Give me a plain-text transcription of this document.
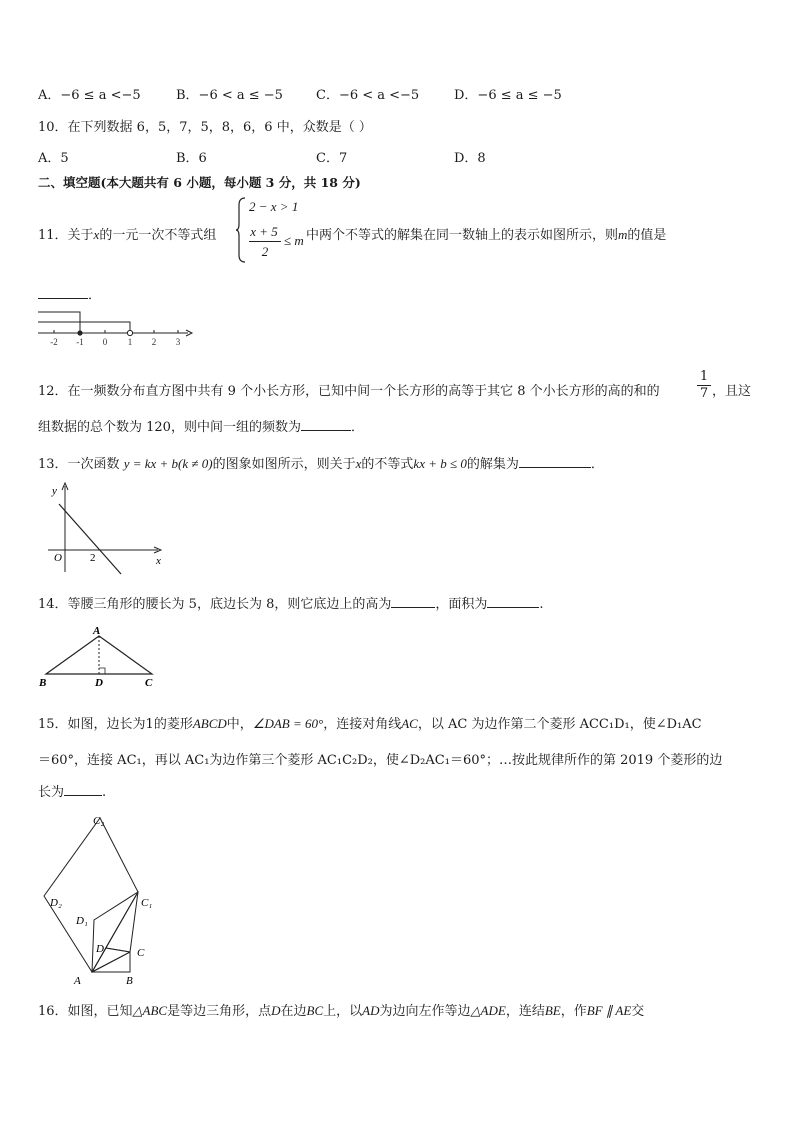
A．−6 ≤ a <−5	B．−6 < a ≤ −5	C．−6 < a <−5	D．−6 ≤ a ≤ −5
10．在下列数据 6，5，7，5，8，6，6 中，众数是（ ）
A．5	B．6	C．7	D．8
二、填空题(本大题共有 6 小题，每小题 3 分，共 18 分)
11．关于x的一元一次不等式组
2 − x > 1
x + 5
2
≤ m 中两个不等式的解集在同一数轴上的表示如图所示，则m的值是
．
-2 -1 0 1 2 3
12．在一频数分布直方图中共有 9 个小长方形，已知中间一个长方形的高等于其它 8 个小长方形的高的和的
1
7 ，且这
组数据的总个数为 120，则中间一组的频数为	．
13．一次函数 y = kx + b(k ≠ 0)的图象如图所示，则关于x的不等式kx + b ≤ 0的解集为	．
y
x
O	2
14．等腰三角形的腰长为 5，底边长为 8，则它底边上的高为	，面积为	.
A
B	D	C
15．如图，边长为1的菱形ABCD中，∠DAB = 60°，连接对角线AC，以 AC 为边作第二个菱形 ACC₁D₁，使∠D₁AC
＝60°，连接 AC₁，再以 AC₁为边作第三个菱形 AC₁C₂D₂，使∠D₂AC₁＝60°；…按此规律所作的第 2019 个菱形的边
长为	.
C₂
D₂	C₁
D₁
D	C
A	B
16．如图，已知△ABC是等边三角形，点D在边BC上，以AD为边向左作等边△ADE，连结BE，作BF ∥ AE交
